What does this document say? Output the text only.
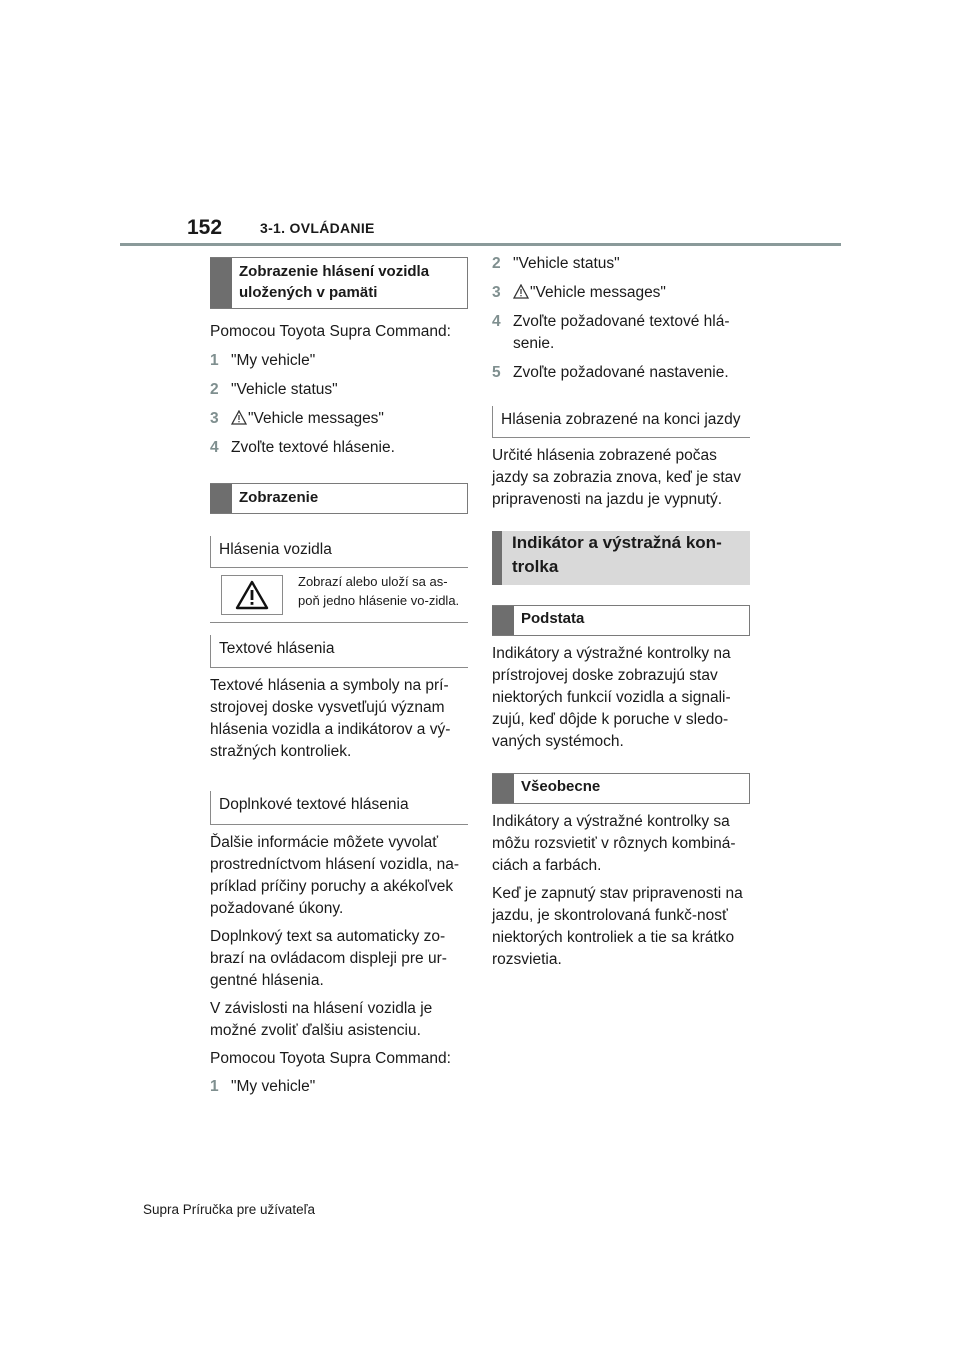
152	3-1. OVLÁDANIE
Zobrazenie hlásení vozidla uložených v pamäti

Pomocou Toyota Supra Command:

1 "My vehicle"
2 "Vehicle status"
3	"Vehicle messages"
4 Zvoľte textové hlásenie.
Zobrazenie
Hlásenia vozidla
Zobrazí alebo uloží sa as-poň jedno hlásenie vo-zidla.
Textové hlásenia

Textové hlásenia a symboly na prí-strojovej doske vysvetľujú význam hlásenia vozidla a indikátorov a vý-stražných kontroliek.

Doplnkové textové hlásenia

Ďalšie informácie môžete vyvolať prostredníctvom hlásení vozidla, na-príklad príčiny poruchy a akékoľvek požadované úkony.

Doplnkový text sa automaticky zo-brazí na ovládacom displeji pre ur-gentné hlásenia.

V závislosti na hlásení vozidla je možné zvoliť ďalšiu asistenciu.

Pomocou Toyota Supra Command:

1 "My vehicle"
2 "Vehicle status"
3	"Vehicle messages"
4 Zvoľte požadované textové hlá-senie.
5 Zvoľte požadované nastavenie.
Hlásenia zobrazené na konci jazdy

Určité hlásenia zobrazené počas jazdy sa zobrazia znova, keď je stav pripravenosti na jazdu je vypnutý.

Indikátor a výstražná kon-trolka
Podstata

Indikátory a výstražné kontrolky na prístrojovej doske zobrazujú stav niektorých funkcií vozidla a signali-zujú, keď dôjde k poruche v sledo-vaných systémoch.

Všeobecne

Indikátory a výstražné kontrolky sa môžu rozsvietiť v rôznych kombiná-ciách a farbách.

Keď je zapnutý stav pripravenosti na jazdu, je skontrolovaná funkč-nosť niektorých kontroliek a tie sa krátko rozsvietia.

Supra Príručka pre užívateľa
